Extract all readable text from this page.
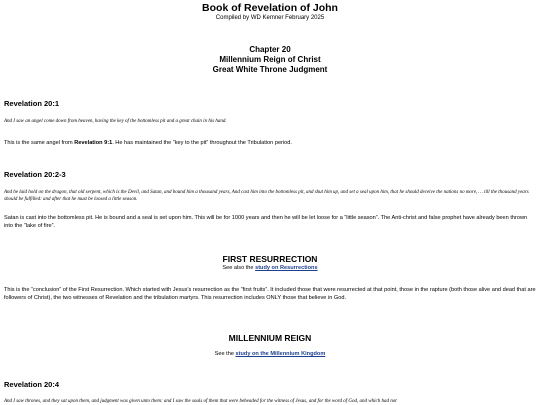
Book of Revelation of John
Compiled by WD Kemner February 2025
Chapter 20
Millennium Reign of Christ
Great White Throne Judgment
Revelation 20:1
And I saw an angel come down from heaven, having the key of the bottomless pit and a great chain in his hand.
This is the same angel from Revelation 9:1. He has maintained the “key to the pit” throughout the Tribulation period.
Revelation 20:2-3
And he laid hold on the dragon, that old serpent, which is the Devil, and Satan, and bound him a thousand years, And cast him into the bottomless pit, and shut him up, and set a seal upon him, that he should deceive the nations no more, … till the thousand years should be fulfilled: and after that he must be loosed a little season.
Satan is cast into the bottomless pit. He is bound and a seal is set upon him. This will be for 1000 years and then he will be let loose for a “little season”. The Anti-christ and false prophet have already been thrown into the “lake of fire”.
FIRST RESURRECTION
See also the study on Resurrections
This is the “conclusion” of the First Resurrection. Which started with Jesus’s resurrection as the “first fruits”. It included those that were resurrected at that point, those in the rapture (both those alive and dead that are followers of Christ), the two witnesses of Revelation and the tribulation martyrs. This resurrection includes ONLY those that believe in God.
MILLENNIUM REIGN
See the study on the Millennium Kingdom
Revelation 20:4
And I saw thrones, and they sat upon them, and judgment was given unto them: and I saw the souls of them that were beheaded for the witness of Jesus, and for the word of God, and which had not
